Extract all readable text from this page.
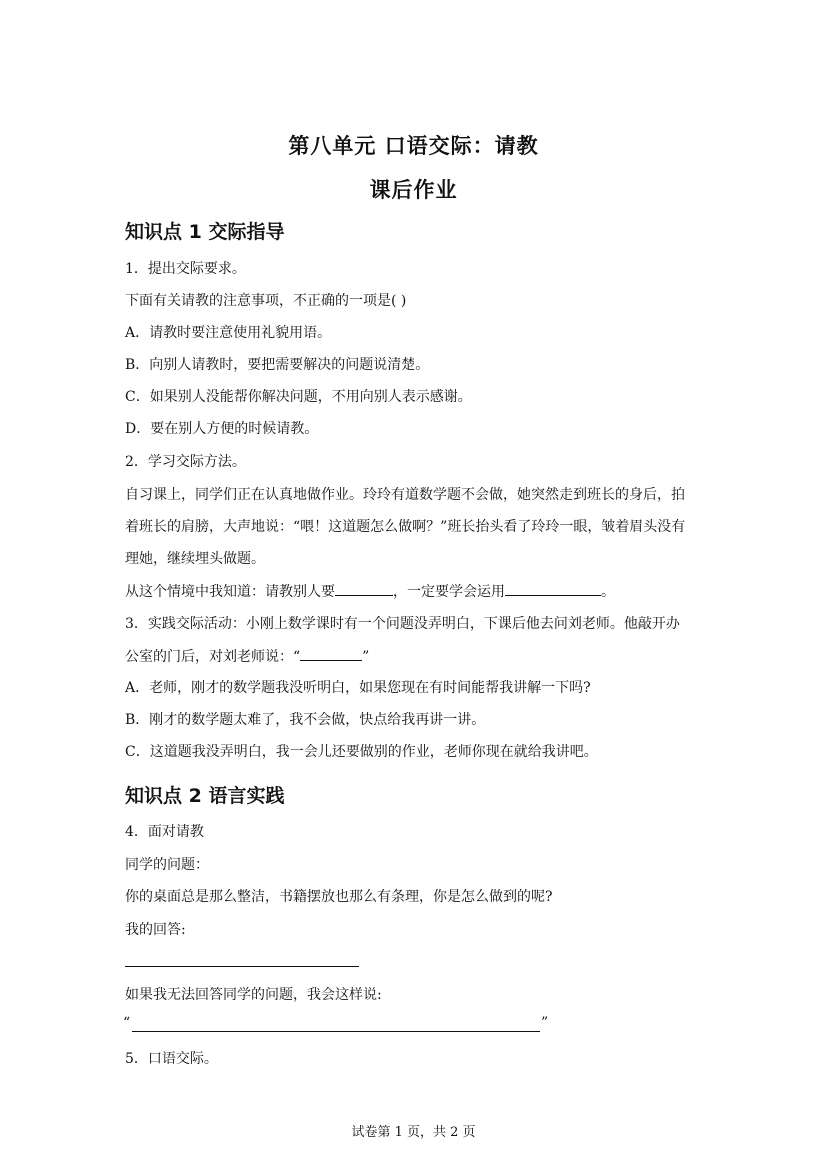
第八单元 口语交际：请教
课后作业
知识点 1 交际指导
1．提出交际要求。
下面有关请教的注意事项，不正确的一项是( )
A．请教时要注意使用礼貌用语。
B．向别人请教时，要把需要解决的问题说清楚。
C．如果别人没能帮你解决问题，不用向别人表示感谢。
D．要在别人方便的时候请教。
2．学习交际方法。
自习课上，同学们正在认真地做作业。玲玲有道数学题不会做，她突然走到班长的身后，拍
着班长的肩膀，大声地说：“喂！这道题怎么做啊？”班长抬头看了玲玲一眼，皱着眉头没有
理她，继续埋头做题。
从这个情境中我知道：请教别人要	，一定要学会运用	。
3．实践交际活动：小刚上数学课时有一个问题没弄明白，下课后他去问刘老师。他敲开办
公室的门后，对刘老师说：“	”
A．老师，刚才的数学题我没听明白，如果您现在有时间能帮我讲解一下吗?
B．刚才的数学题太难了，我不会做，快点给我再讲一讲。
C．这道题我没弄明白，我一会儿还要做别的作业，老师你现在就给我讲吧。
知识点 2 语言实践
4．面对请教
同学的问题：
你的桌面总是那么整洁，书籍摆放也那么有条理，你是怎么做到的呢?
我的回答:
如果我无法回答同学的问题，我会这样说:
“	”
5．口语交际。
试卷第 1 页，共 2 页
